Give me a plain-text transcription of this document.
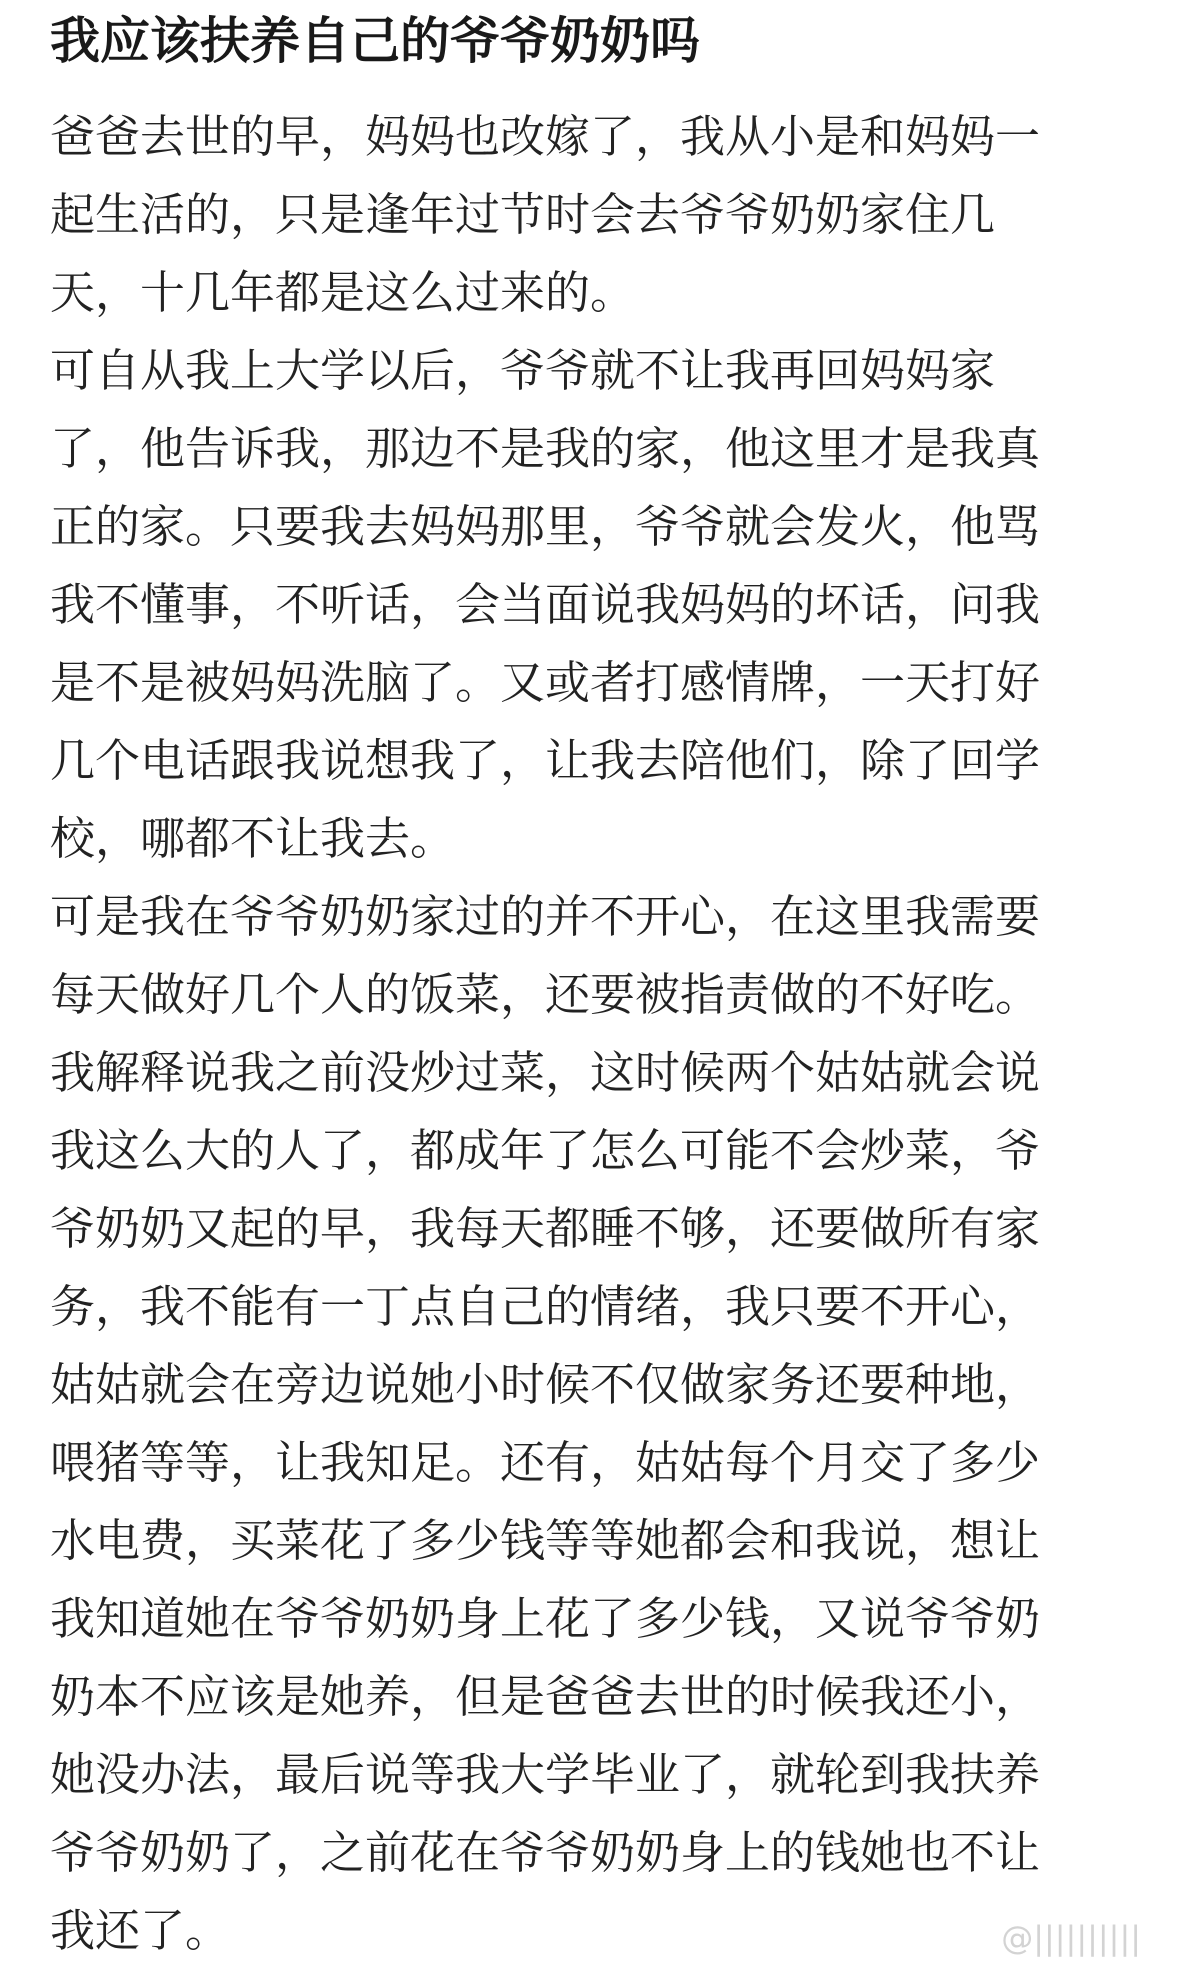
我应该扶养自己的爷爷奶奶吗
爸爸去世的早，妈妈也改嫁了，我从小是和妈妈一
起生活的，只是逢年过节时会去爷爷奶奶家住几
天，十几年都是这么过来的。
可自从我上大学以后，爷爷就不让我再回妈妈家
了，他告诉我，那边不是我的家，他这里才是我真
正的家。只要我去妈妈那里，爷爷就会发火，他骂
我不懂事，不听话，会当面说我妈妈的坏话，问我
是不是被妈妈洗脑了。又或者打感情牌，一天打好
几个电话跟我说想我了，让我去陪他们，除了回学
校，哪都不让我去。
可是我在爷爷奶奶家过的并不开心，在这里我需要
每天做好几个人的饭菜，还要被指责做的不好吃。
我解释说我之前没炒过菜，这时候两个姑姑就会说
我这么大的人了，都成年了怎么可能不会炒菜，爷
爷奶奶又起的早，我每天都睡不够，还要做所有家
务，我不能有一丁点自己的情绪，我只要不开心，
姑姑就会在旁边说她小时候不仅做家务还要种地，
喂猪等等，让我知足。还有，姑姑每个月交了多少
水电费，买菜花了多少钱等等她都会和我说，想让
我知道她在爷爷奶奶身上花了多少钱，又说爷爷奶
奶本不应该是她养，但是爸爸去世的时候我还小，
她没办法，最后说等我大学毕业了，就轮到我扶养
爷爷奶奶了，之前花在爷爷奶奶身上的钱她也不让
我还了。	@||||||||||
